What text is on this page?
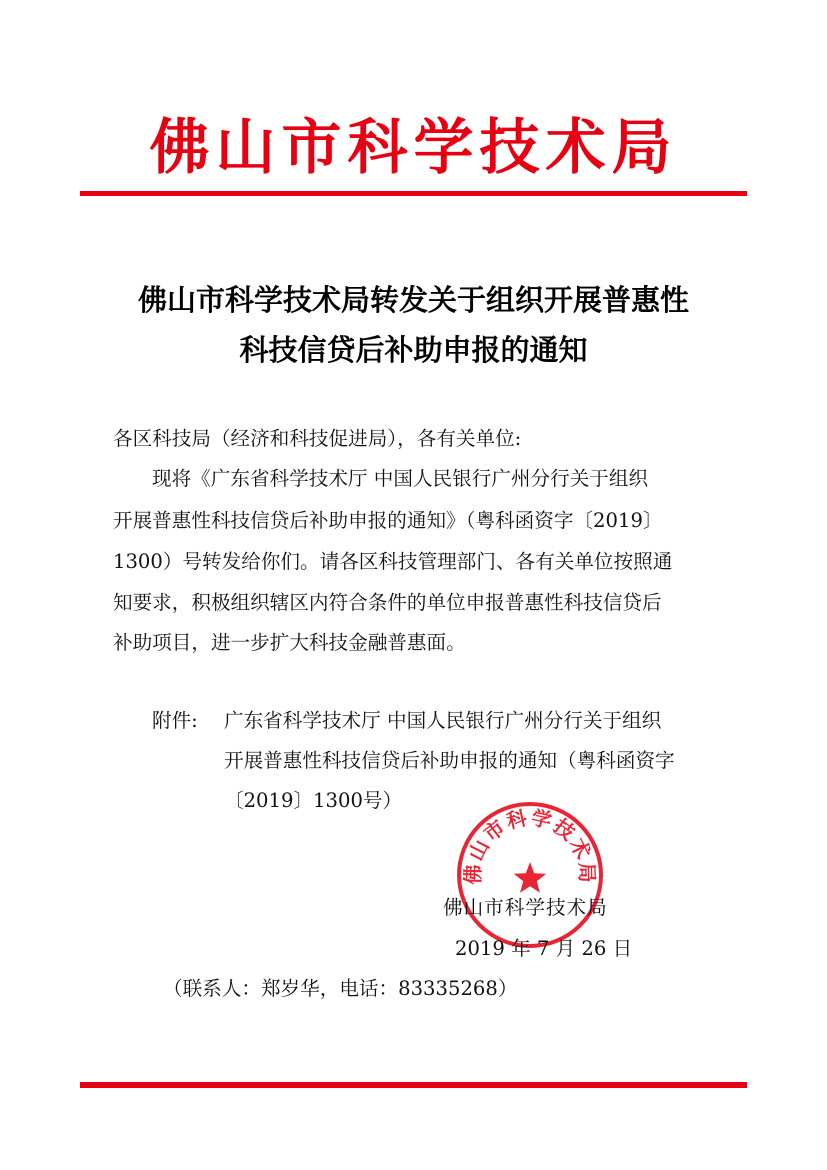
佛山市科学技术局
佛山市科学技术局转发关于组织开展普惠性
科技信贷后补助申报的通知
各区科技局（经济和科技促进局），各有关单位:
现将《广东省科学技术厅 中国人民银行广州分行关于组织
开展普惠性科技信贷后补助申报的通知》（粤科函资字〔2019〕
1300）号转发给你们。请各区科技管理部门、各有关单位按照通
知要求，积极组织辖区内符合条件的单位申报普惠性科技信贷后
补助项目，进一步扩大科技金融普惠面。
附件: 广东省科学技术厅 中国人民银行广州分行关于组织
开展普惠性科技信贷后补助申报的通知（粤科函资字
〔2019〕1300号）
佛山市科学技术局
佛山市科学技术局
2019 年 7 月 26 日
（联系人：郑岁华，电话：83335268）
